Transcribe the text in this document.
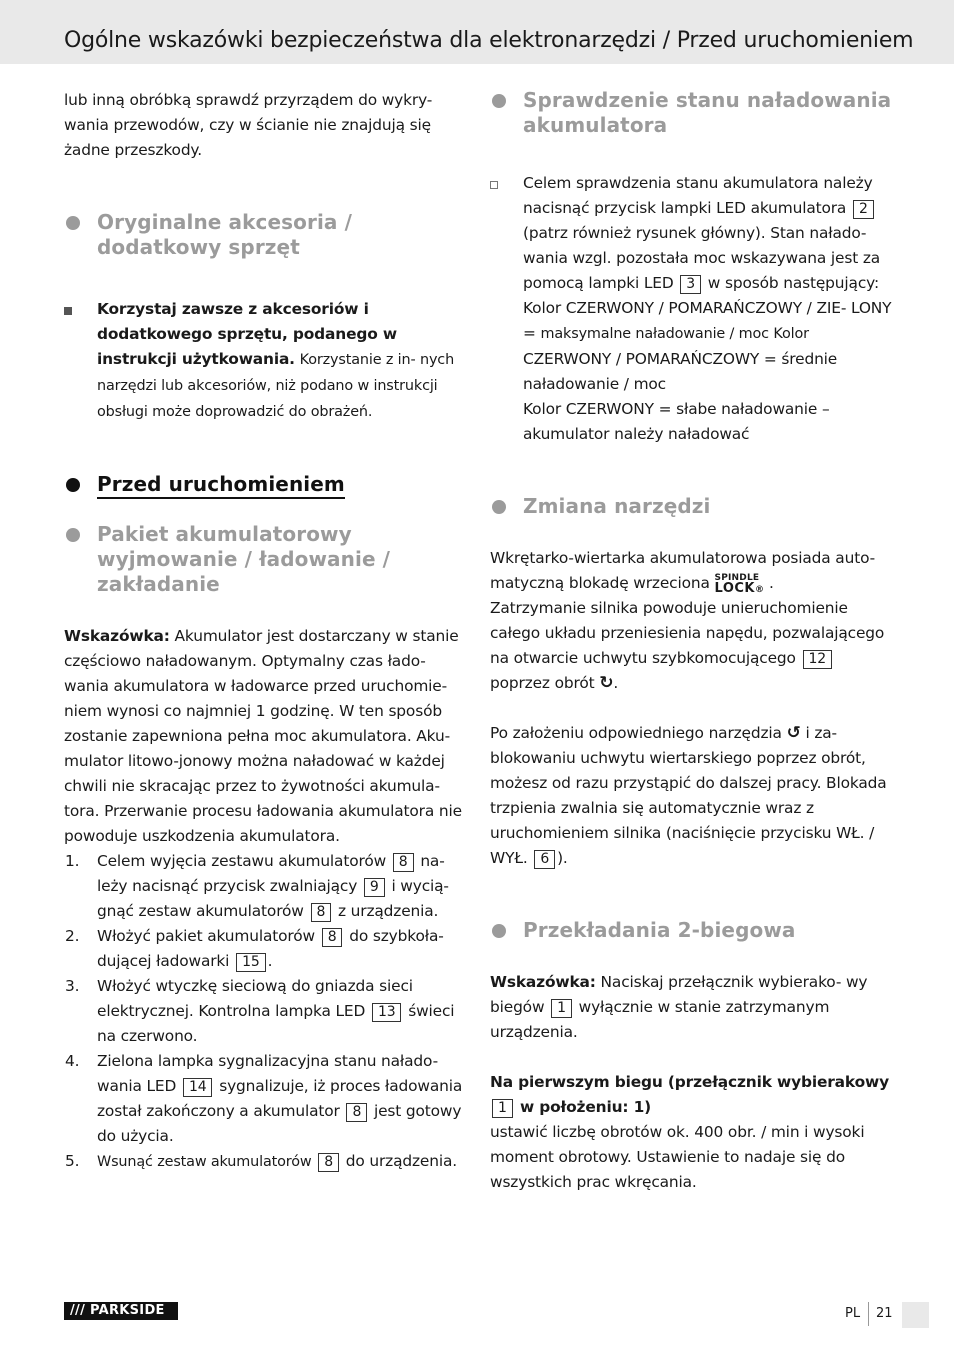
Ogólne wskazówki bezpieczeństwa dla elektronarzędzi / Przed uruchomieniem

lub inną obróbką sprawdź przyrządem do wykry- wania przewodów, czy w ścianie nie znajdują się żadne przeszkody.

Oryginalne akcesoria / dodatkowy sprzęt

Korzystaj zawsze z akcesoriów i dodatkowego sprzętu, podanego w instrukcji użytkowania. Korzystanie z in- nych narzędzi lub akcesoriów, niż podano w instrukcji obsługi może doprowadzić do obrażeń.

Przed uruchomieniem
Pakiet akumulatorowy wyjmowanie / ładowanie / zakładanie

Wskazówka: Akumulator jest dostarczany w stanie częściowo naładowanym. Optymalny czas łado- wania akumulatora w ładowarce przed uruchomie- niem wynosi co najmniej 1 godzinę. W ten sposób zostanie zapewniona pełna moc akumulatora. Aku- mulator litowo-jonowy można naładować w każdej chwili nie skracając przez to żywotności akumula- tora. Przerwanie procesu ładowania akumulatora nie powoduje uszkodzenia akumulatora.

1. Celem wyjęcia zestawu akumulatorów 8 na- leży nacisnąć przycisk zwalniający 9 i wycią- gnąć zestaw akumulatorów 8 z urządzenia.
2. Włożyć pakiet akumulatorów 8 do szybkoła- dującej ładowarki 15 .
3. Włożyć wtyczkę sieciową do gniazda sieci elektrycznej. Kontrolna lampka LED 13 świeci na czerwono.
4. Zielona lampka sygnalizacyjna stanu nałado- wania LED 14 sygnalizuje, iż proces ładowania został zakończony a akumulator 8 jest gotowy do użycia.
5. Wsunąć zestaw akumulatorów 8 do urządzenia.
Sprawdzenie stanu naładowania akumulatora

Celem sprawdzenia stanu akumulatora należy nacisnąć przycisk lampki LED akumulatora 2 (patrz również rysunek główny). Stan nałado- wania wzgl. pozostała moc wskazywana jest za pomocą lampki LED 3 w sposób następujący:
Kolor CZERWONY / POMARAŃCZOWY / ZIE- LONY = maksymalne naładowanie / moc Kolor
CZERWONY / POMARAŃCZOWY = średnie naładowanie / moc
Kolor CZERWONY = słabe naładowanie – akumulator należy naładować

Zmiana narzędzi

Wkrętarko-wiertarka akumulatorowa posiada auto- matyczną blokadę wrzeciona SPINDLE
LOCK® .
Zatrzymanie silnika powoduje unieruchomienie całego układu przeniesienia napędu, pozwalającego na otwarcie uchwytu szybkomocującego 12 poprzez obrót ↻.

Po założeniu odpowiedniego narzędzia ↺ i za- blokowaniu uchwytu wiertarskiego poprzez obrót, możesz od razu przystąpić do dalszej pracy. Blokada trzpienia zwalnia się automatycznie wraz z uruchomieniem silnika (naciśnięcie przycisku WŁ. / WYŁ. 6 ).

Przekładania 2-biegowa

Wskazówka: Naciskaj przełącznik wybierako- wy biegów 1 wyłącznie w stanie zatrzymanym urządzenia.

Na pierwszym biegu (przełącznik wybierakowy 1 w położeniu: 1)
ustawić liczbę obrotów ok. 400 obr. / min i wysoki moment obrotowy. Ustawienie to nadaje się do wszystkich prac wkręcania.

/// PARKSIDE	PL 21
